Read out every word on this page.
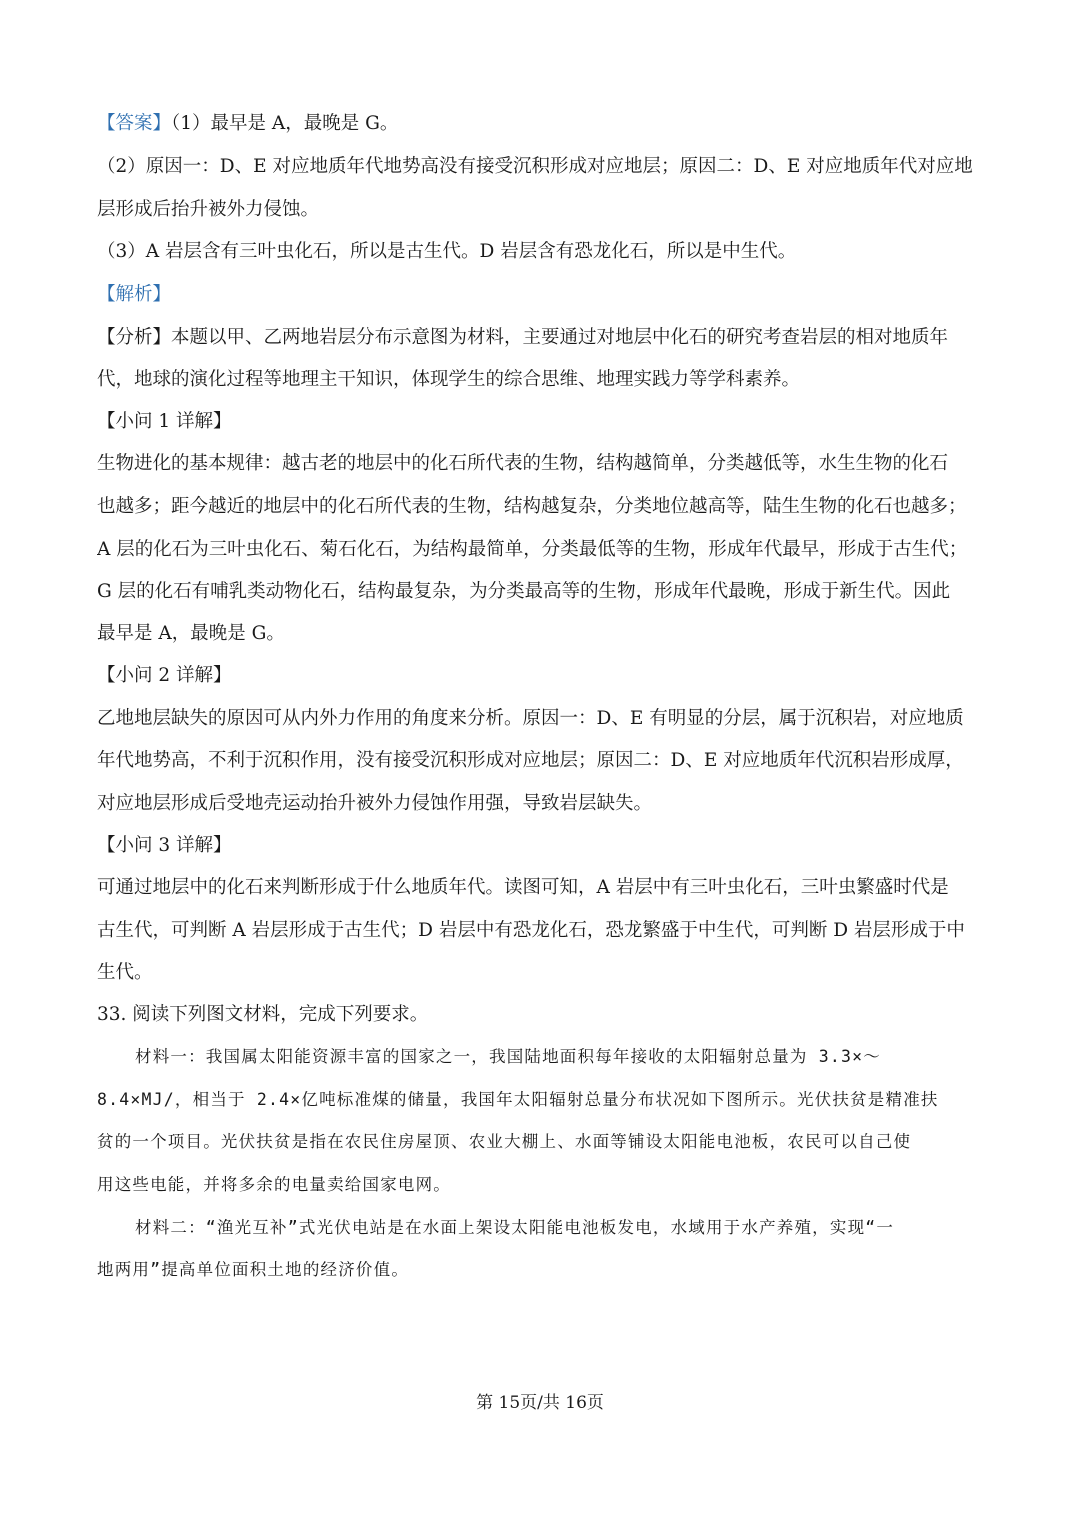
【答案】（1）最早是 A，最晚是 G。
（2）原因一：D、E 对应地质年代地势高没有接受沉积形成对应地层；原因二：D、E 对应地质年代对应地
层形成后抬升被外力侵蚀。
（3）A 岩层含有三叶虫化石，所以是古生代。D 岩层含有恐龙化石，所以是中生代。
【解析】
【分析】本题以甲、乙两地岩层分布示意图为材料，主要通过对地层中化石的研究考查岩层的相对地质年
代，地球的演化过程等地理主干知识，体现学生的综合思维、地理实践力等学科素养。
【小问 1 详解】
生物进化的基本规律：越古老的地层中的化石所代表的生物，结构越简单，分类越低等，水生生物的化石
也越多；距今越近的地层中的化石所代表的生物，结构越复杂，分类地位越高等，陆生生物的化石也越多；
A 层的化石为三叶虫化石、菊石化石，为结构最简单，分类最低等的生物，形成年代最早，形成于古生代；
G 层的化石有哺乳类动物化石，结构最复杂，为分类最高等的生物，形成年代最晚，形成于新生代。因此
最早是 A，最晚是 G。
【小问 2 详解】
乙地地层缺失的原因可从内外力作用的角度来分析。原因一：D、E 有明显的分层，属于沉积岩，对应地质
年代地势高，不利于沉积作用，没有接受沉积形成对应地层；原因二：D、E 对应地质年代沉积岩形成厚，
对应地层形成后受地壳运动抬升被外力侵蚀作用强，导致岩层缺失。
【小问 3 详解】
可通过地层中的化石来判断形成于什么地质年代。读图可知，A 岩层中有三叶虫化石，三叶虫繁盛时代是
古生代，可判断 A 岩层形成于古生代；D 岩层中有恐龙化石，恐龙繁盛于中生代，可判断 D 岩层形成于中
生代。
33. 阅读下列图文材料，完成下列要求。
材料一：我国属太阳能资源丰富的国家之一，我国陆地面积每年接收的太阳辐射总量为 3.3×～
8.4×MJ/，相当于 2.4×亿吨标准煤的储量，我国年太阳辐射总量分布状况如下图所示。光伏扶贫是精准扶
贫的一个项目。光伏扶贫是指在农民住房屋顶、农业大棚上、水面等铺设太阳能电池板，农民可以自己使
用这些电能，并将多余的电量卖给国家电网。
材料二：“渔光互补”式光伏电站是在水面上架设太阳能电池板发电，水域用于水产养殖，实现“一
地两用”提高单位面积土地的经济价值。
第 15页/共 16页
